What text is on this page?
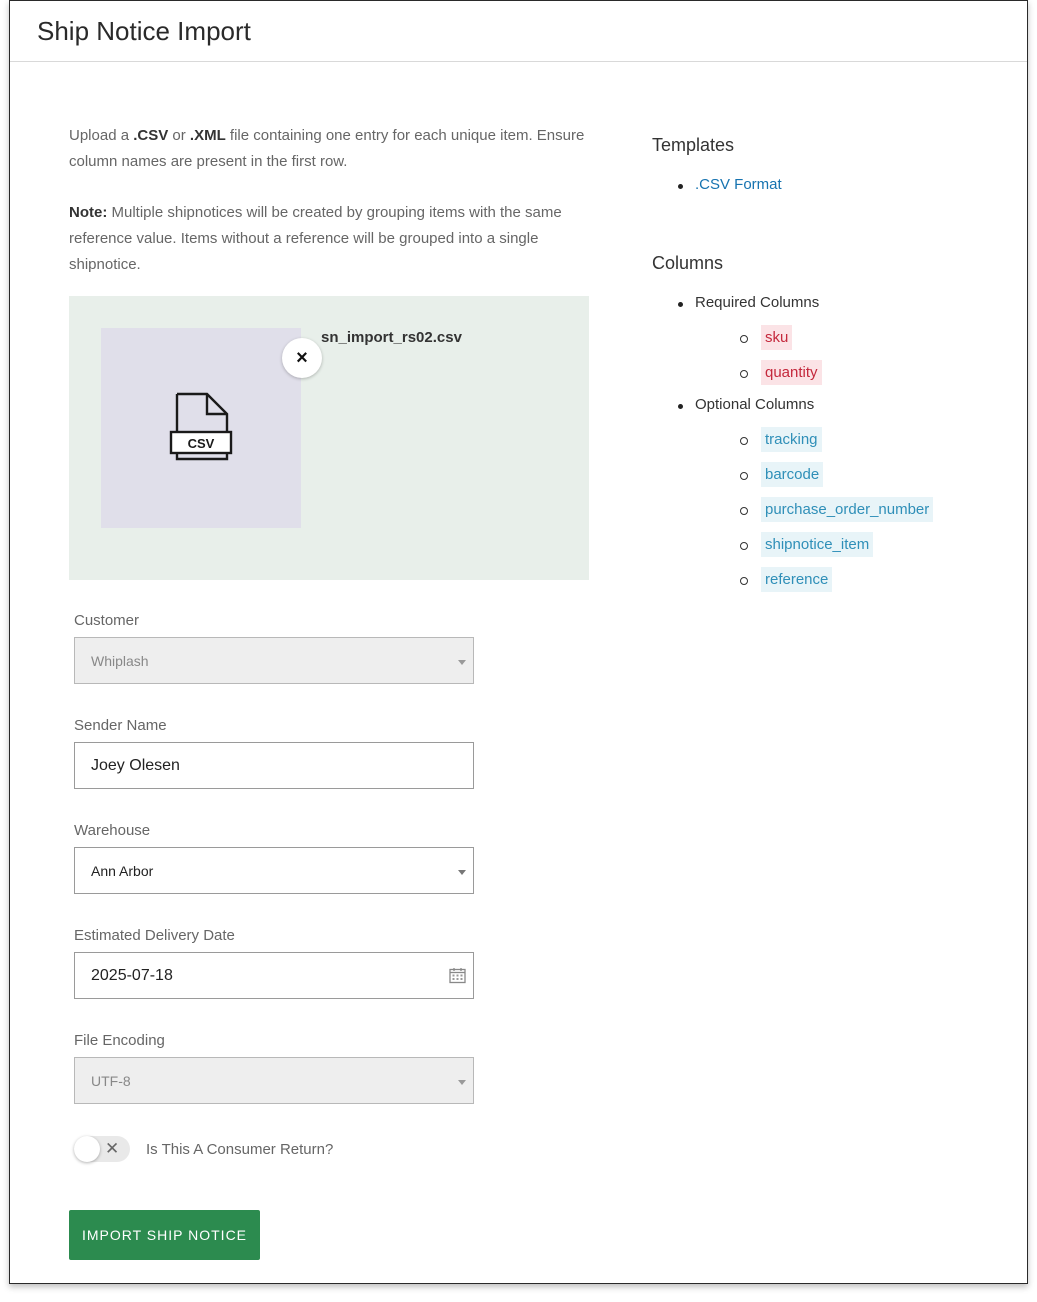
Ship Notice Import

Upload a .CSV or .XML file containing one entry for each unique item. Ensure column names are present in the first row.

Note: Multiple shipnotices will be created by grouping items with the same reference value. Items without a reference will be grouped into a single shipnotice.

CSV
×
sn_import_rs02.csv
Customer
Whiplash
Sender Name
Joey Olesen
Warehouse
Ann Arbor
Estimated Delivery Date
2025-07-18
File Encoding
UTF-8
✕ Is This A Consumer Return?
IMPORT SHIP NOTICE
Templates
.CSV Format
Columns
Required Columns
sku
quantity
Optional Columns
tracking
barcode
purchase_order_number
shipnotice_item
reference
